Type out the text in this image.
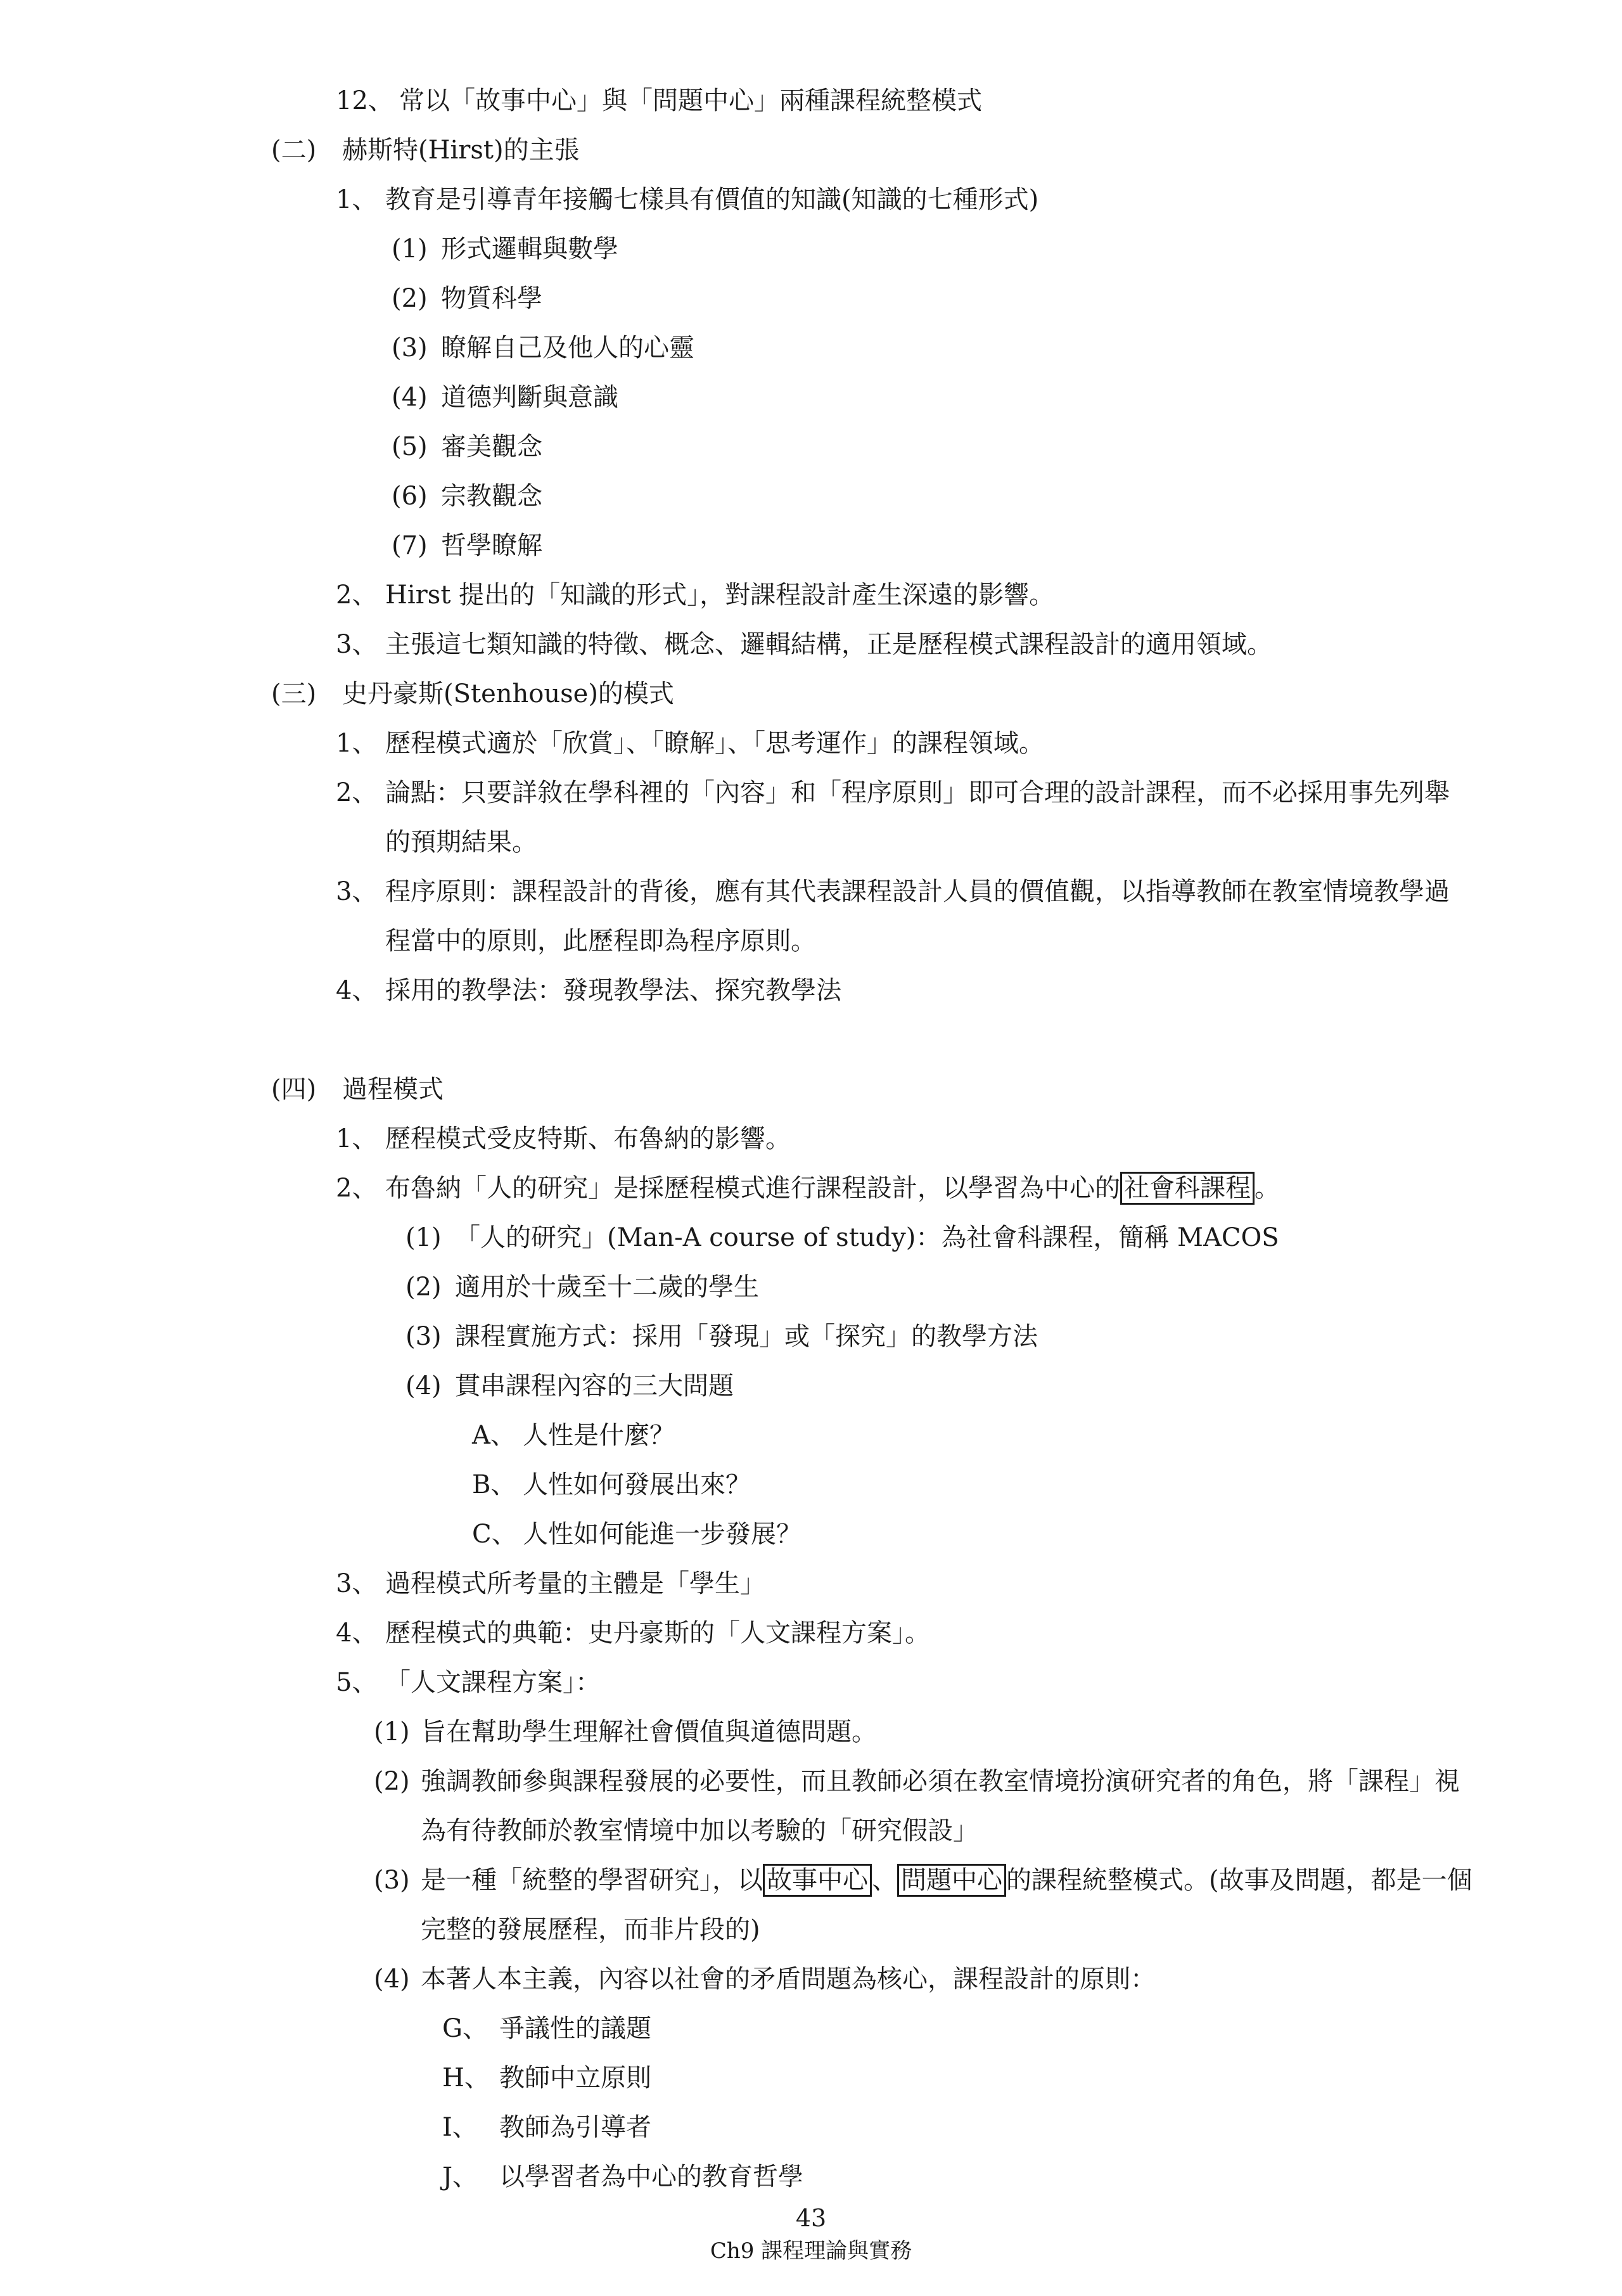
12、 常以「故事中心」與「問題中心」兩種課程統整模式
(二) 赫斯特(Hirst)的主張
1、 教育是引導青年接觸七樣具有價值的知識(知識的七種形式)
(1) 形式邏輯與數學
(2) 物質科學
(3) 瞭解自己及他人的心靈
(4) 道德判斷與意識
(5) 審美觀念
(6) 宗教觀念
(7) 哲學瞭解
2、 Hirst 提出的「知識的形式」，對課程設計產生深遠的影響。
3、 主張這七類知識的特徵、概念、邏輯結構，正是歷程模式課程設計的適用領域。
(三) 史丹豪斯(Stenhouse)的模式
1、 歷程模式適於「欣賞」、「瞭解」、「思考運作」的課程領域。
2、 論點：只要詳敘在學科裡的「內容」和「程序原則」即可合理的設計課程，而不必採用事先列舉
的預期結果。
3、 程序原則：課程設計的背後，應有其代表課程設計人員的價值觀，以指導教師在教室情境教學過
程當中的原則，此歷程即為程序原則。
4、 採用的教學法：發現教學法、探究教學法
(四) 過程模式
1、 歷程模式受皮特斯、布魯納的影響。
2、 布魯納「人的研究」是採歷程模式進行課程設計，以學習為中心的 社會科課程 。
(1) 「人的研究」(Man-A course of study)：為社會科課程，簡稱 MACOS
(2) 適用於十歲至十二歲的學生
(3) 課程實施方式：採用「發現」或「探究」的教學方法
(4) 貫串課程內容的三大問題
A、 人性是什麼？
B、 人性如何發展出來？
C、 人性如何能進一步發展？
3、 過程模式所考量的主體是「學生」
4、 歷程模式的典範：史丹豪斯的「人文課程方案」。
5、 「人文課程方案」：
(1) 旨在幫助學生理解社會價值與道德問題。
(2) 強調教師參與課程發展的必要性，而且教師必須在教室情境扮演研究者的角色，將「課程」視
為有待教師於教室情境中加以考驗的「研究假設」
(3) 是一種「統整的學習研究」，以 故事中心 、 問題中心 的課程統整模式。(故事及問題，都是一個
完整的發展歷程，而非片段的)
(4) 本著人本主義，內容以社會的矛盾問題為核心，課程設計的原則：
G、 爭議性的議題
H、 教師中立原則
I、 教師為引導者
J、 以學習者為中心的教育哲學
43
Ch9 課程理論與實務
